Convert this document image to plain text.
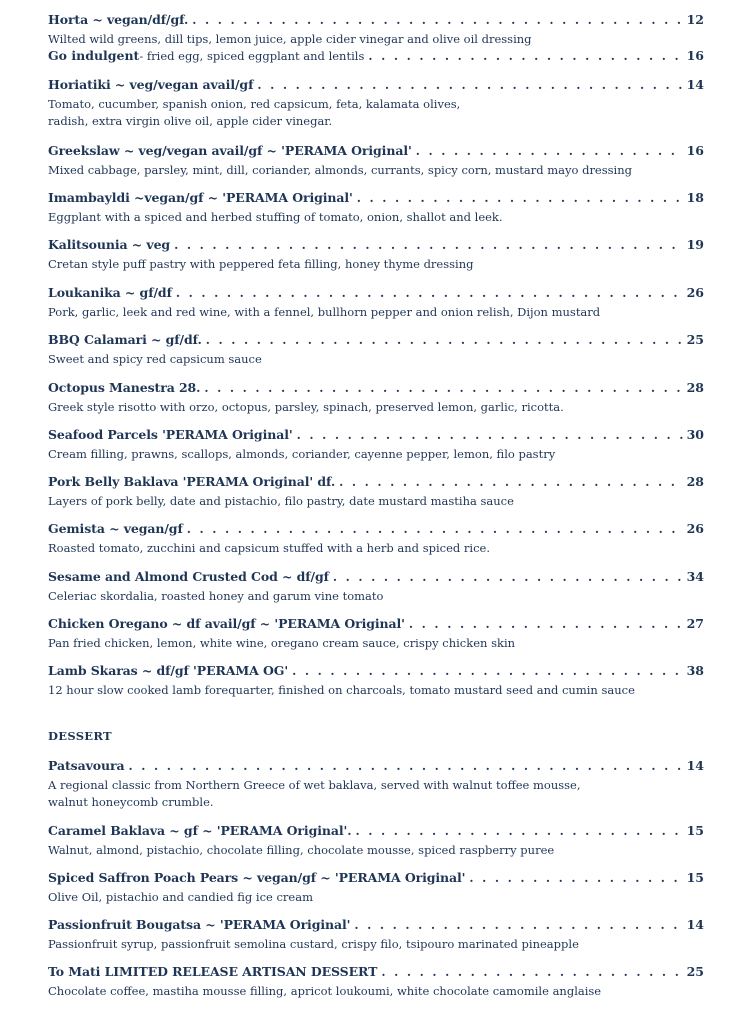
Horta ~ vegan/df/gf. . . .	12
Wilted wild greens, dill tips, lemon juice, apple cider vinegar and olive oil dressing
Go indulgent - fried egg, spiced eggplant and lentils . . .	16
Horiatiki ~ veg/vegan avail/gf . . .	14
Tomato, cucumber, spanish onion, red capsicum, feta, kalamata olives,
radish, extra virgin olive oil, apple cider vinegar.
Greekslaw ~ veg/vegan avail/gf ~ 'PERAMA Original' . . .	16
Mixed cabbage, parsley, mint, dill, coriander, almonds, currants, spicy corn, mustard mayo dressing
Imambayldi ~vegan/gf ~ 'PERAMA Original' . . .	18
Eggplant with a spiced and herbed stuffing of tomato, onion, shallot and leek.
Kalitsounia ~ veg . . .	19
Cretan style puff pastry with peppered feta filling, honey thyme dressing
Loukanika ~ gf/df . . .	26
Pork, garlic, leek and red wine, with a fennel, bullhorn pepper and onion relish, Dijon mustard
BBQ Calamari ~ gf/df. . . .	25
Sweet and spicy red capsicum sauce
Octopus Manestra 28. . . .	28
Greek style risotto with orzo, octopus, parsley, spinach, preserved lemon, garlic, ricotta.
Seafood Parcels 'PERAMA Original' . . .	30
Cream filling, prawns, scallops, almonds, coriander, cayenne pepper, lemon, filo pastry
Pork Belly Baklava 'PERAMA Original' df. . . .	28
Layers of pork belly, date and pistachio, filo pastry, date mustard mastiha sauce
Gemista ~ vegan/gf . . .	26
Roasted tomato, zucchini and capsicum stuffed with a herb and spiced rice.
Sesame and Almond Crusted Cod ~ df/gf . . .	34
Celeriac skordalia, roasted honey and garum vine tomato
Chicken Oregano ~ df avail/gf ~ 'PERAMA Original' . . .	27
Pan fried chicken, lemon, white wine, oregano cream sauce, crispy chicken skin
Lamb Skaras ~ df/gf 'PERAMA OG' . . .	38
12 hour slow cooked lamb forequarter, finished on charcoals, tomato mustard seed and cumin sauce
DESSERT
Patsavoura . . .	14
A regional classic from Northern Greece of wet baklava, served with walnut toffee mousse,
walnut honeycomb crumble.
Caramel Baklava ~ gf ~ 'PERAMA Original'. . . .	15
Walnut, almond, pistachio, chocolate filling, chocolate mousse, spiced raspberry puree
Spiced Saffron Poach Pears ~ vegan/gf ~ 'PERAMA Original' . . .	15
Olive Oil, pistachio and candied fig ice cream
Passionfruit Bougatsa ~ 'PERAMA Original' . . .	14
Passionfruit syrup, passionfruit semolina custard, crispy filo, tsipouro marinated pineapple
To Mati LIMITED RELEASE ARTISAN DESSERT . . .	25
Chocolate coffee, mastiha mousse filling, apricot loukoumi, white chocolate camomile anglaise
